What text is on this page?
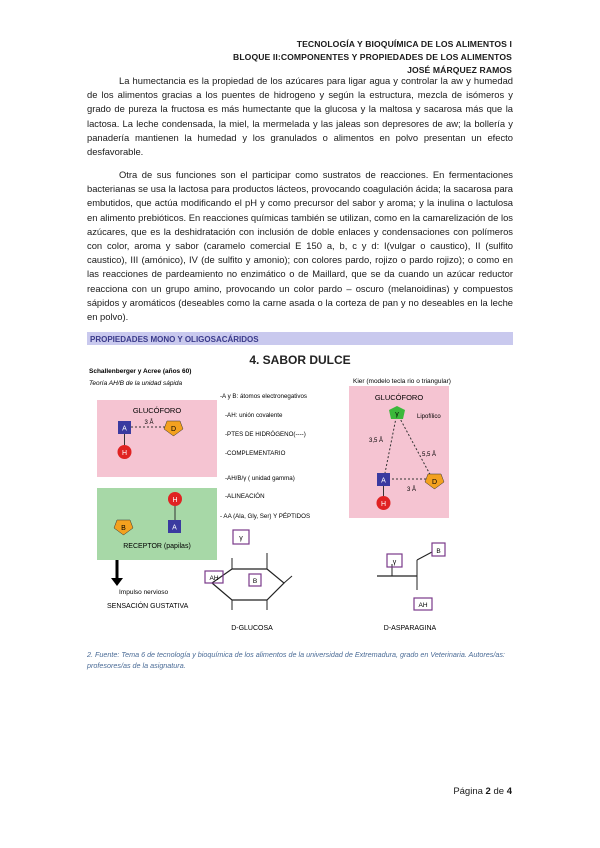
TECNOLOGÍA Y BIOQUÍMICA DE LOS ALIMENTOS I
BLOQUE II:COMPONENTES Y PROPIEDADES DE LOS ALIMENTOS
JOSÉ MÁRQUEZ RAMOS

La humectancia es la propiedad de los azúcares para ligar agua y controlar la aw y humedad de los alimentos gracias a los puentes de hidrogeno y según la estructura, mezcla de isómeros y grado de pureza la fructosa es más humectante que la glucosa y la maltosa y sacarosa más que la lactosa. La leche condensada, la miel, la mermelada y las jaleas son depresores de aw; la bollería y panadería mantienen la humedad y los granulados o alimentos en polvo presentan un efecto desfavorable.

Otra de sus funciones son el participar como sustratos de reacciones. En fermentaciones bacterianas se usa la lactosa para productos lácteos, provocando coagulación ácida; la sacarosa para embutidos, que actúa modificando el pH y como precursor del sabor y aroma; y la inulina o lactulosa en alimento prebióticos. En reacciones químicas también se utilizan, como en la camarelización de los azúcares, que es la deshidratación con inclusión de doble enlaces y condensaciones con polímeros con color, aroma y sabor (caramelo comercial E 150 a, b, c y d: I(vulgar o caustico), II (sulfito caustico), III (amónico), IV (de sulfito y amonio); con colores pardo, rojizo o pardo rojizo); o como en las reacciones de pardeamiento no enzimático o de Maillard, que se da cuando un azúcar reductor reacciona con un grupo amino, provocando un color pardo – oscuro (melanoidinas) y compuestos sápidos y aromáticos (deseables como la carne asada o la corteza de pan y no deseables en la leche en polvo).

PROPIEDADES MONO Y OLIGOSACÁRIDOS
4. SABOR DULCE
Schallenberger y Acree (años 60)
Teoría AH/B de la unidad sápida
GLUCÓFORO
A
3 Å
D
H
H
A
B
RECEPTOR (papilas)
Impulso nervioso
SENSACIÓN GUSTATIVA
-A y B: átomos electronegativos
-AH: unión covalente
-PTES DE HIDRÓGENO(----)
-COMPLEMENTARIO
-AH/B/γ ( unidad gamma)
-ALINEACIÓN
- AA (Ala, Gly, Ser) Y PÉPTIDOS
Kier (modelo tecla rio o triangular)
GLUCÓFORO
γ	Lipofílico
3,5 Å
5,5 Å
3 Å
A	D
H
γ
AH	B
D-GLUCOSA
B
γ
AH
D-ASPARAGINA
2. Fuente: Tema 6 de tecnología y bioquímica de los alimentos de la universidad de Extremadura, grado en Veterinaria. Autores/as: profesores/as de la asignatura.
Página 2 de 4
